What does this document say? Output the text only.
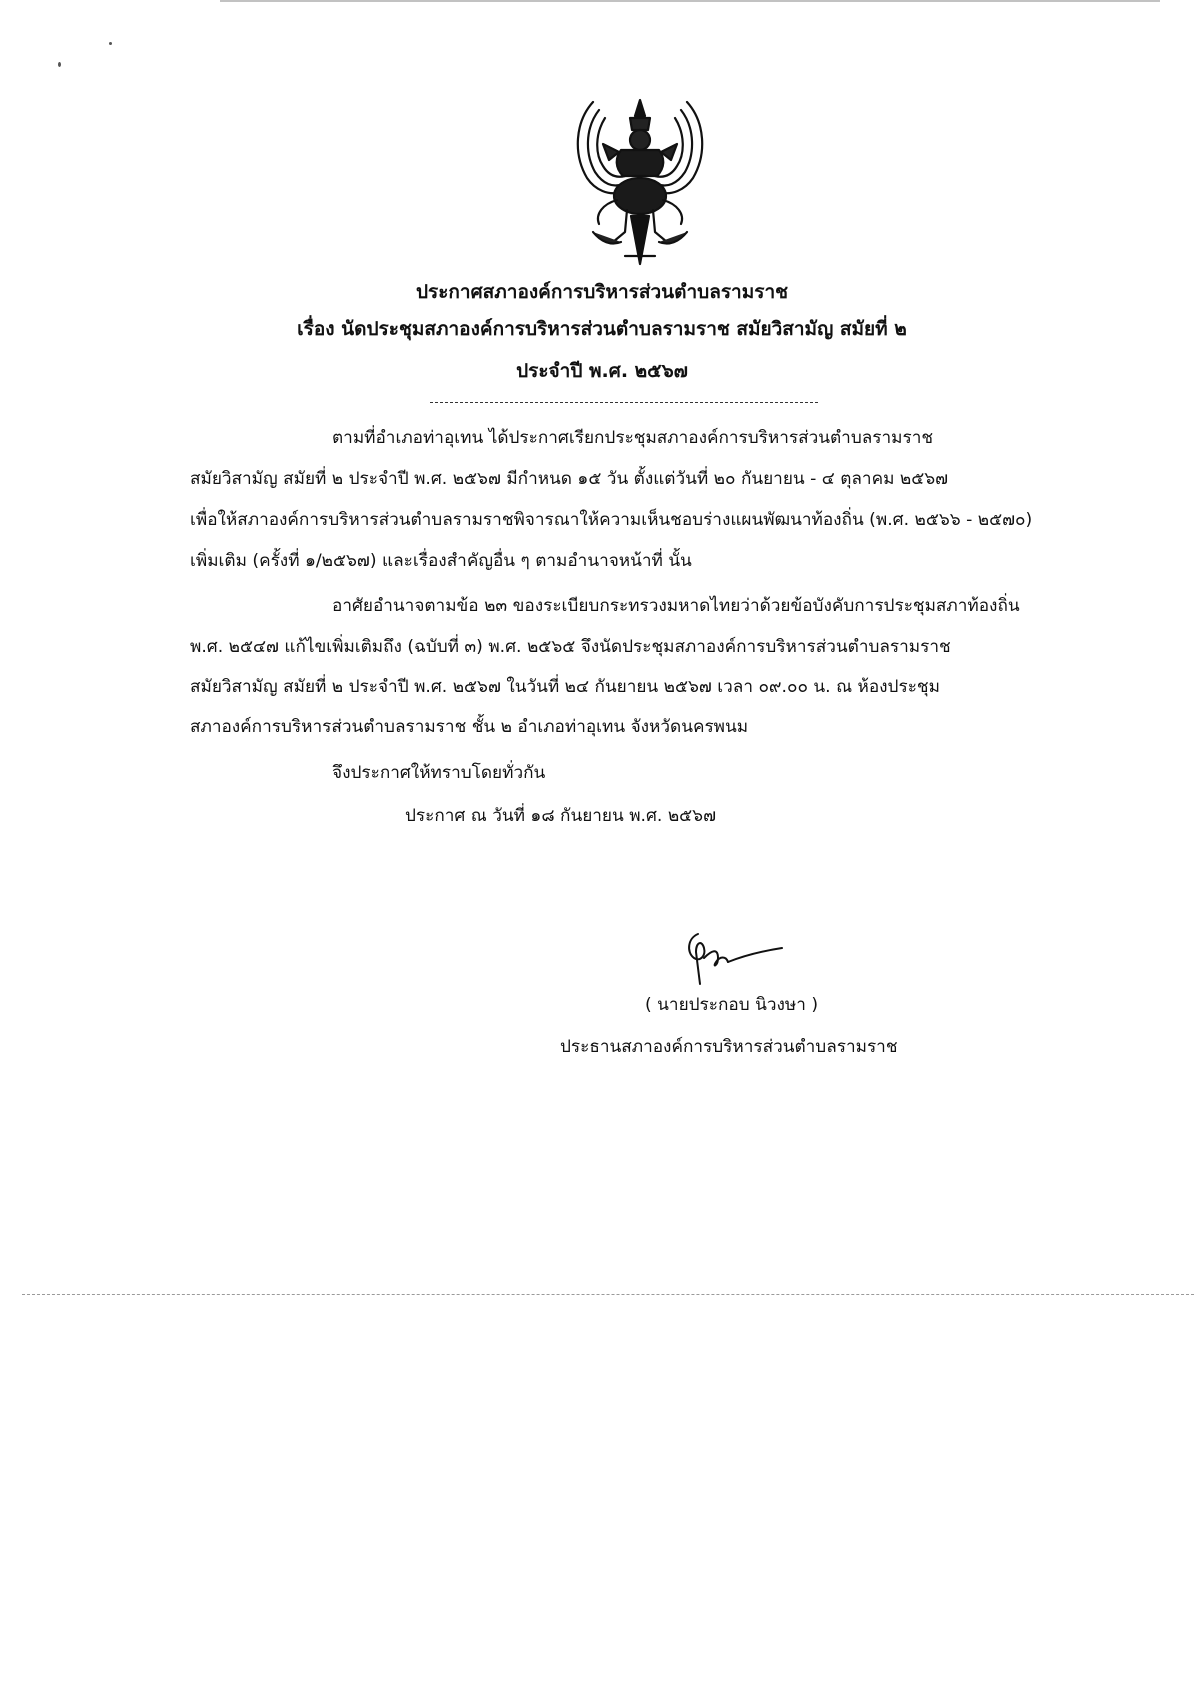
ประกาศสภาองค์การบริหารส่วนตำบลรามราช
เรื่อง นัดประชุมสภาองค์การบริหารส่วนตำบลรามราช สมัยวิสามัญ สมัยที่ ๒
ประจำปี พ.ศ. ๒๕๖๗
ตามที่อำเภอท่าอุเทน ได้ประกาศเรียกประชุมสภาองค์การบริหารส่วนตำบลรามราช
สมัยวิสามัญ สมัยที่ ๒ ประจำปี พ.ศ. ๒๕๖๗ มีกำหนด ๑๕ วัน ตั้งแต่วันที่ ๒๐ กันยายน - ๔ ตุลาคม ๒๕๖๗
เพื่อให้สภาองค์การบริหารส่วนตำบลรามราชพิจารณาให้ความเห็นชอบร่างแผนพัฒนาท้องถิ่น (พ.ศ. ๒๕๖๖ - ๒๕๗๐)
เพิ่มเติม (ครั้งที่ ๑/๒๕๖๗) และเรื่องสำคัญอื่น ๆ ตามอำนาจหน้าที่ นั้น
อาศัยอำนาจตามข้อ ๒๓ ของระเบียบกระทรวงมหาดไทยว่าด้วยข้อบังคับการประชุมสภาท้องถิ่น
พ.ศ. ๒๕๔๗ แก้ไขเพิ่มเติมถึง (ฉบับที่ ๓) พ.ศ. ๒๕๖๕ จึงนัดประชุมสภาองค์การบริหารส่วนตำบลรามราช
สมัยวิสามัญ สมัยที่ ๒ ประจำปี พ.ศ. ๒๕๖๗ ในวันที่ ๒๔ กันยายน ๒๕๖๗ เวลา ๐๙.๐๐ น. ณ ห้องประชุม
สภาองค์การบริหารส่วนตำบลรามราช ชั้น ๒ อำเภอท่าอุเทน จังหวัดนครพนม
จึงประกาศให้ทราบโดยทั่วกัน
ประกาศ ณ วันที่ ๑๘ กันยายน พ.ศ. ๒๕๖๗
( นายประกอบ นิวงษา )
ประธานสภาองค์การบริหารส่วนตำบลรามราช
